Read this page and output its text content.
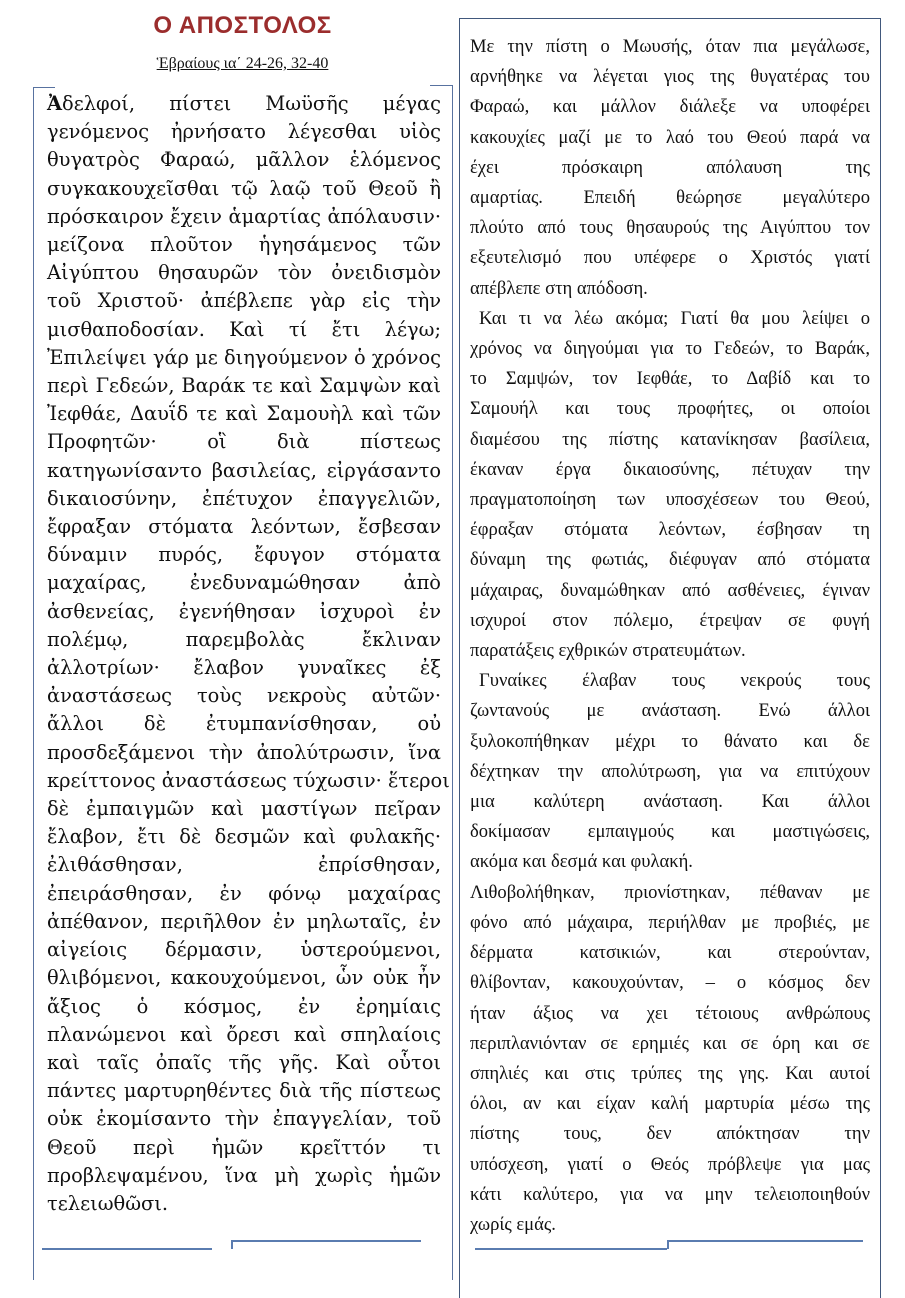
Ο ΑΠΟΣΤΟΛΟΣ
Ἑβραίους ια΄ 24-26, 32-40
Ἀδελφοί, πίστει Μωϋσῆς μέγας
γενόμενος ἠρνήσατο λέγεσθαι υἱὸς
θυγατρὸς Φαραώ, μᾶλλον ἑλόμενος
συγκακουχεῖσθαι τῷ λαῷ τοῦ Θεοῦ ἢ
πρόσκαιρον ἔχειν ἁμαρτίας ἀπόλαυσιν·
μείζονα πλοῦτον ἡγησάμενος τῶν
Αἰγύπτου θησαυρῶν τὸν ὀνειδισμὸν
τοῦ Χριστοῦ· ἀπέβλεπε γὰρ εἰς τὴν
μισθαποδοσίαν. Καὶ τί ἔτι λέγω;
Ἐπιλείψει γάρ με διηγούμενον ὁ χρόνος
περὶ Γεδεών, Βαράκ τε καὶ Σαμψὼν καὶ
Ἰεφθάε, Δαυΐδ τε καὶ Σαμουὴλ καὶ τῶν
Προφητῶν· οἳ διὰ πίστεως
κατηγωνίσαντο βασιλείας, εἰργάσαντο
δικαιοσύνην, ἐπέτυχον ἐπαγγελιῶν,
ἔφραξαν στόματα λεόντων, ἔσβεσαν
δύναμιν πυρός, ἔφυγον στόματα
μαχαίρας, ἐνεδυναμώθησαν ἀπὸ
ἀσθενείας, ἐγενήθησαν ἰσχυροὶ ἐν
πολέμῳ, παρεμβολὰς ἔκλιναν
ἀλλοτρίων· ἔλαβον γυναῖκες ἐξ
ἀναστάσεως τοὺς νεκροὺς αὐτῶν·
ἄλλοι δὲ ἐτυμπανίσθησαν, οὐ
προσδεξάμενοι τὴν ἀπολύτρωσιν, ἵνα
κρείττονος ἀναστάσεως τύχωσιν· ἕτεροι
δὲ ἐμπαιγμῶν καὶ μαστίγων πεῖραν
ἔλαβον, ἔτι δὲ δεσμῶν καὶ φυλακῆς·
ἐλιθάσθησαν, ἐπρίσθησαν,
ἐπειράσθησαν, ἐν φόνῳ μαχαίρας
ἀπέθανον, περιῆλθον ἐν μηλωταῖς, ἐν
αἰγείοις δέρμασιν, ὑστερούμενοι,
θλιβόμενοι, κακουχούμενοι, ὧν οὐκ ἦν
ἄξιος ὁ κόσμος, ἐν ἐρημίαις
πλανώμενοι καὶ ὄρεσι καὶ σπηλαίοις
καὶ ταῖς ὀπαῖς τῆς γῆς. Καὶ οὗτοι
πάντες μαρτυρηθέντες διὰ τῆς πίστεως
οὐκ ἐκομίσαντο τὴν ἐπαγγελίαν, τοῦ
Θεοῦ περὶ ἡμῶν κρεῖττόν τι
προβλεψαμένου, ἵνα μὴ χωρὶς ἡμῶν
τελειωθῶσι.
Με την πίστη ο Μωυσής, όταν πια μεγάλωσε,
αρνήθηκε να λέγεται γιος της θυγατέρας του
Φαραώ, και μάλλον διάλεξε να υποφέρει
κακουχίες μαζί με το λαό του Θεού παρά να
έχει πρόσκαιρη απόλαυση της
αμαρτίας. Επειδή θεώρησε μεγαλύτερο
πλούτο από τους θησαυρούς της Αιγύπτου τον
εξευτελισμό που υπέφερε ο Χριστός γιατί
απέβλεπε στη απόδοση.
Και τι να λέω ακόμα; Γιατί θα μου λείψει ο
χρόνος να διηγούμαι για το Γεδεών, το Βαράκ,
το Σαμψών, τον Ιεφθάε, το Δαβίδ και το
Σαμουήλ και τους προφήτες, οι οποίοι
διαμέσου της πίστης κατανίκησαν βασίλεια,
έκαναν έργα δικαιοσύνης, πέτυχαν την
πραγματοποίηση των υποσχέσεων του Θεού,
έφραξαν στόματα λεόντων, έσβησαν τη
δύναμη της φωτιάς, διέφυγαν από στόματα
μάχαιρας, δυναμώθηκαν από ασθένειες, έγιναν
ισχυροί στον πόλεμο, έτρεψαν σε φυγή
παρατάξεις εχθρικών στρατευμάτων.
Γυναίκες έλαβαν τους νεκρούς τους
ζωντανούς με ανάσταση. Ενώ άλλοι
ξυλοκοπήθηκαν μέχρι το θάνατο και δε
δέχτηκαν την απολύτρωση, για να επιτύχουν
μια καλύτερη ανάσταση. Και άλλοι
δοκίμασαν εμπαιγμούς και μαστιγώσεις,
ακόμα και δεσμά και φυλακή.
Λιθοβολήθηκαν, πριονίστηκαν, πέθαναν με
φόνο από μάχαιρα, περιήλθαν με προβιές, με
δέρματα κατσικιών, και στερούνταν,
θλίβονταν, κακουχούνταν, – ο κόσμος δεν
ήταν άξιος να χει τέτοιους ανθρώπους
περιπλανιόνταν σε ερημιές και σε όρη και σε
σπηλιές και στις τρύπες της γης. Και αυτοί
όλοι, αν και είχαν καλή μαρτυρία μέσω της
πίστης τους, δεν απόκτησαν την
υπόσχεση, γιατί ο Θεός πρόβλεψε για μας
κάτι καλύτερο, για να μην τελειοποιηθούν
χωρίς εμάς.
